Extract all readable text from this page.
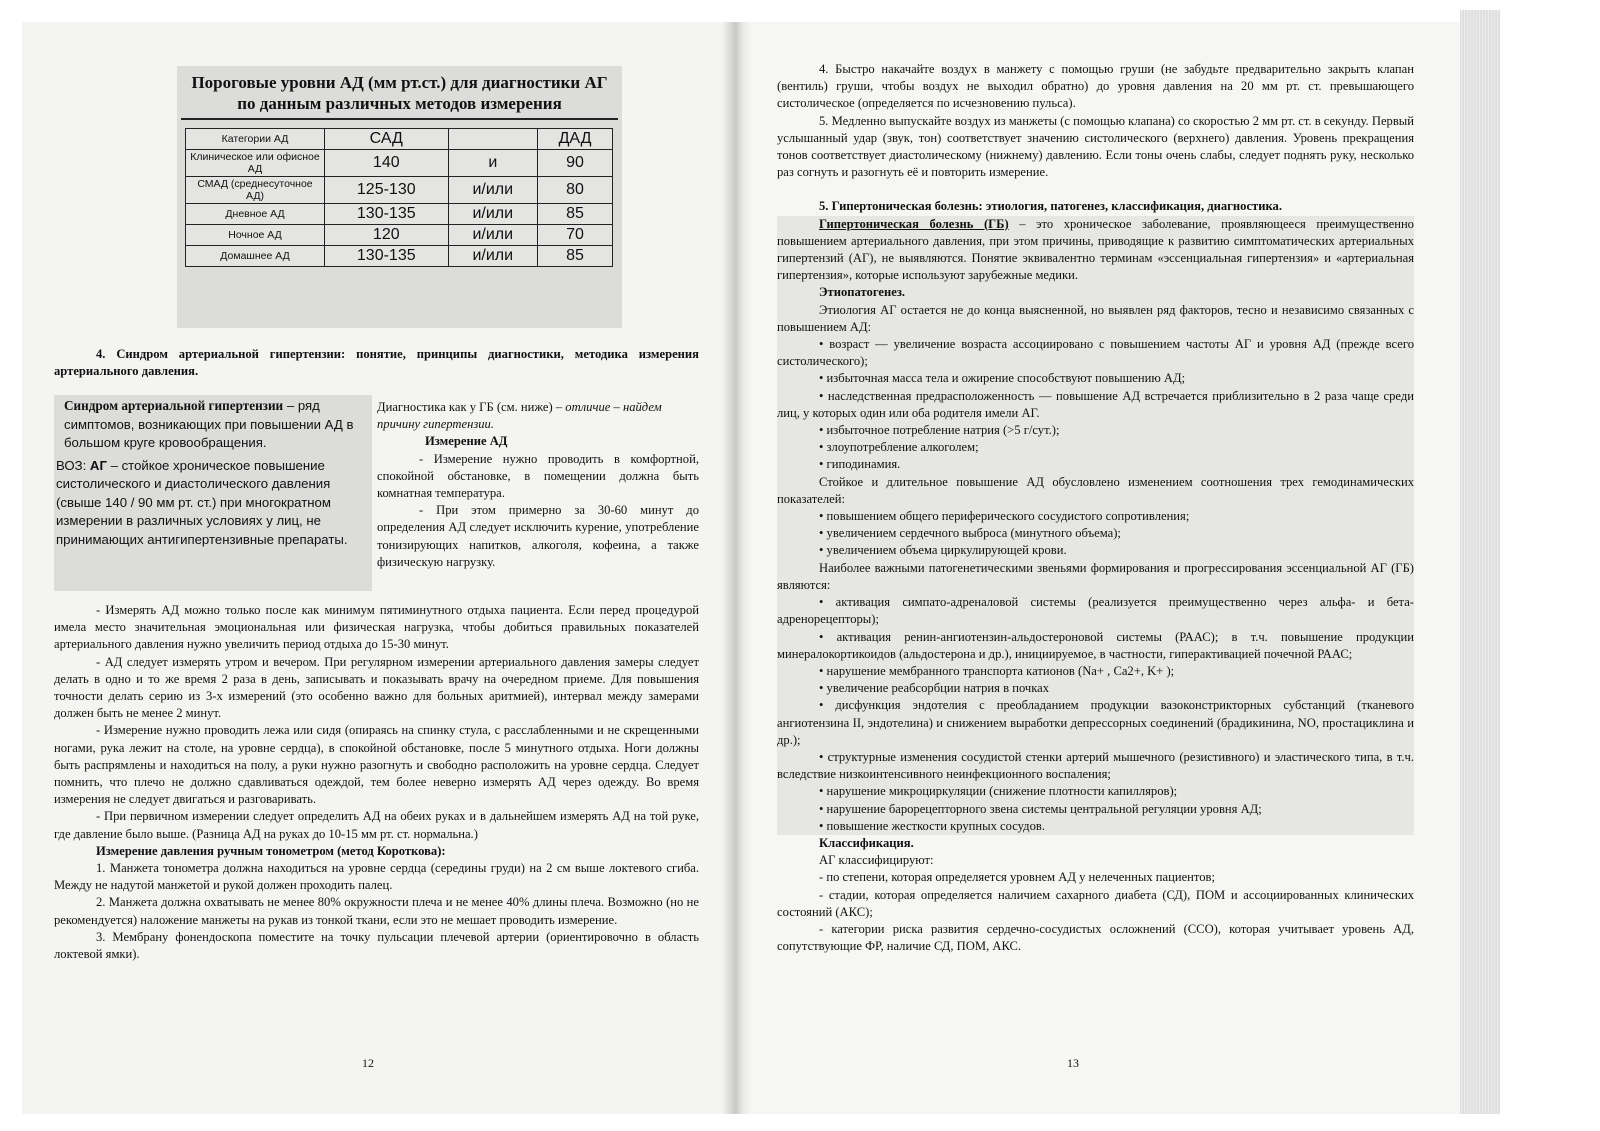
Пороговые уровни АД (мм рт.ст.) для диагностики АГ по данным различных методов измерения
Категории АД	САД		ДАД
Клиническое или офисное АД	140	и	90
СМАД (среднесуточное АД)	125-130	и/или	80
Дневное АД	130-135	и/или	85
Ночное АД	120	и/или	70
Домашнее АД	130-135	и/или	85

4. Синдром артериальной гипертензии: понятие, принципы диагностики, методика измерения артериального давления.

Синдром артериальной гипертензии – ряд симптомов, возникающих при повышении АД в большом круге кровообращения.

ВОЗ: АГ – стойкое хроническое повышение систолического и диастолического давления (свыше 140 / 90 мм рт. ст.) при многократном измерении в различных условиях у лиц, не принимающих антигипертензивные препараты.

Диагностика как у ГБ (см. ниже) – отличие – найдем причину гипертензии.

Измерение АД

- Измерение нужно проводить в комфортной, спокойной обстановке, в помещении должна быть комнатная температура.

- При этом примерно за 30-60 минут до определения АД следует исключить курение, употребление тонизирующих напитков, алкоголя, кофеина, а также физическую нагрузку.

- Измерять АД можно только после как минимум пятиминутного отдыха пациента. Если перед процедурой имела место значительная эмоциональная или физическая нагрузка, чтобы добиться правильных показателей артериального давления нужно увеличить период отдыха до 15-30 минут.

- АД следует измерять утром и вечером. При регулярном измерении артериального давления замеры следует делать в одно и то же время 2 раза в день, записывать и показывать врачу на очередном приеме. Для повышения точности делать серию из 3-х измерений (это особенно важно для больных аритмией), интервал между замерами должен быть не менее 2 минут.

- Измерение нужно проводить лежа или сидя (опираясь на спинку стула, с расслабленными и не скрещенными ногами, рука лежит на столе, на уровне сердца), в спокойной обстановке, после 5 минутного отдыха. Ноги должны быть распрямлены и находиться на полу, а руки нужно разогнуть и свободно расположить на уровне сердца. Следует помнить, что плечо не должно сдавливаться одеждой, тем более неверно измерять АД через одежду. Во время измерения не следует двигаться и разговаривать.

- При первичном измерении следует определить АД на обеих руках и в дальнейшем измерять АД на той руке, где давление было выше. (Разница АД на руках до 10-15 мм рт. ст. нормальна.)

Измерение давления ручным тонометром (метод Короткова):

1. Манжета тонометра должна находиться на уровне сердца (середины груди) на 2 см выше локтевого сгиба. Между не надутой манжетой и рукой должен проходить палец.

2. Манжета должна охватывать не менее 80% окружности плеча и не менее 40% длины плеча. Возможно (но не рекомендуется) наложение манжеты на рукав из тонкой ткани, если это не мешает проводить измерение.

3. Мембрану фонендоскопа поместите на точку пульсации плечевой артерии (ориентировочно в область локтевой ямки).

12

4. Быстро накачайте воздух в манжету с помощью груши (не забудьте предварительно закрыть клапан (вентиль) груши, чтобы воздух не выходил обратно) до уровня давления на 20 мм рт. ст. превышающего систолическое (определяется по исчезновению пульса).

5. Медленно выпускайте воздух из манжеты (с помощью клапана) со скоростью 2 мм рт. ст. в секунду. Первый услышанный удар (звук, тон) соответствует значению систолического (верхнего) давления. Уровень прекращения тонов соответствует диастолическому (нижнему) давлению. Если тоны очень слабы, следует поднять руку, несколько раз согнуть и разогнуть её и повторить измерение.

5. Гипертоническая болезнь: этиология, патогенез, классификация, диагностика.

Гипертоническая болезнь (ГБ) – это хроническое заболевание, проявляющееся преимущественно повышением артериального давления, при этом причины, приводящие к развитию симптоматических артериальных гипертензий (АГ), не выявляются. Понятие эквивалентно терминам «эссенциальная гипертензия» и «артериальная гипертензия», которые используют зарубежные медики.

Этиопатогенез.

Этиология АГ остается не до конца выясненной, но выявлен ряд факторов, тесно и независимо связанных с повышением АД:

• возраст — увеличение возраста ассоциировано с повышением частоты АГ и уровня АД (прежде всего систолического);

• избыточная масса тела и ожирение способствуют повышению АД;

• наследственная предрасположенность — повышение АД встречается приблизительно в 2 раза чаще среди лиц, у которых один или оба родителя имели АГ.

• избыточное потребление натрия (>5 г/сут.);

• злоупотребление алкоголем;

• гиподинамия.

Стойкое и длительное повышение АД обусловлено изменением соотношения трех гемодинамических показателей:

• повышением общего периферического сосудистого сопротивления;

• увеличением сердечного выброса (минутного объема);

• увеличением объема циркулирующей крови.

Наиболее важными патогенетическими звеньями формирования и прогрессирования эссенциальной АГ (ГБ) являются:

• активация симпато-адреналовой системы (реализуется преимущественно через альфа- и бета-адренорецепторы);

• активация ренин-ангиотензин-альдостероновой системы (РААС); в т.ч. повышение продукции минералокортикоидов (альдостерона и др.), инициируемое, в частности, гиперактивацией почечной РААС;

• нарушение мембранного транспорта катионов (Na+ , Ca2+, K+ );

• увеличение реабсорбции натрия в почках

• дисфункция эндотелия с преобладанием продукции вазоконстрикторных субстанций (тканевого ангиотензина II, эндотелина) и снижением выработки депрессорных соединений (брадикинина, NO, простациклина и др.);

• структурные изменения сосудистой стенки артерий мышечного (резистивного) и эластического типа, в т.ч. вследствие низкоинтенсивного неинфекционного воспаления;

• нарушение микроциркуляции (снижение плотности капилляров);

• нарушение барорецепторного звена системы центральной регуляции уровня АД;

• повышение жесткости крупных сосудов.

Классификация.

АГ классифицируют:

- по степени, которая определяется уровнем АД у нелеченных пациентов;

- стадии, которая определяется наличием сахарного диабета (СД), ПОМ и ассоциированных клинических состояний (АКС);

- категории риска развития сердечно-сосудистых осложнений (ССО), которая учитывает уровень АД, сопутствующие ФР, наличие СД, ПОМ, АКС.

13
